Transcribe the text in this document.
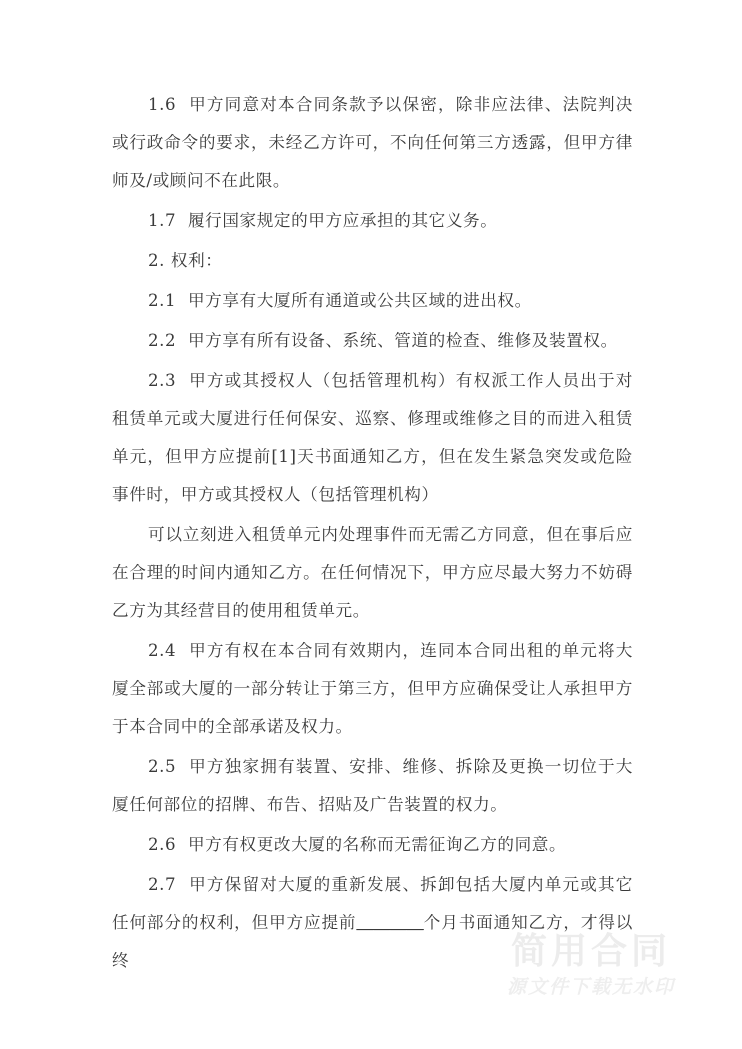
1.6  甲方同意对本合同条款予以保密，除非应法律、法院判决或行政命令的要求，未经乙方许可，不向任何第三方透露，但甲方律师及/或顾问不在此限。

1.7  履行国家规定的甲方应承担的其它义务。

2. 权利：

2.1  甲方享有大厦所有通道或公共区域的进出权。

2.2  甲方享有所有设备、系统、管道的检查、维修及装置权。

2.3  甲方或其授权人（包括管理机构）有权派工作人员出于对租赁单元或大厦进行任何保安、巡察、修理或维修之目的而进入租赁单元，但甲方应提前[1]天书面通知乙方，但在发生紧急突发或危险事件时，甲方或其授权人（包括管理机构）

可以立刻进入租赁单元内处理事件而无需乙方同意，但在事后应在合理的时间内通知乙方。在任何情况下，甲方应尽最大努力不妨碍乙方为其经营目的使用租赁单元。

2.4  甲方有权在本合同有效期内，连同本合同出租的单元将大厦全部或大厦的一部分转让于第三方，但甲方应确保受让人承担甲方于本合同中的全部承诺及权力。

2.5  甲方独家拥有装置、安排、维修、拆除及更换一切位于大厦任何部位的招牌、布告、招贴及广告装置的权力。

2.6  甲方有权更改大厦的名称而无需征询乙方的同意。

2.7  甲方保留对大厦的重新发展、拆卸包括大厦内单元或其它任何部分的权利，但甲方应提前＿＿＿＿个月书面通知乙方，才得以终	简用合同
源文件下载无水印
